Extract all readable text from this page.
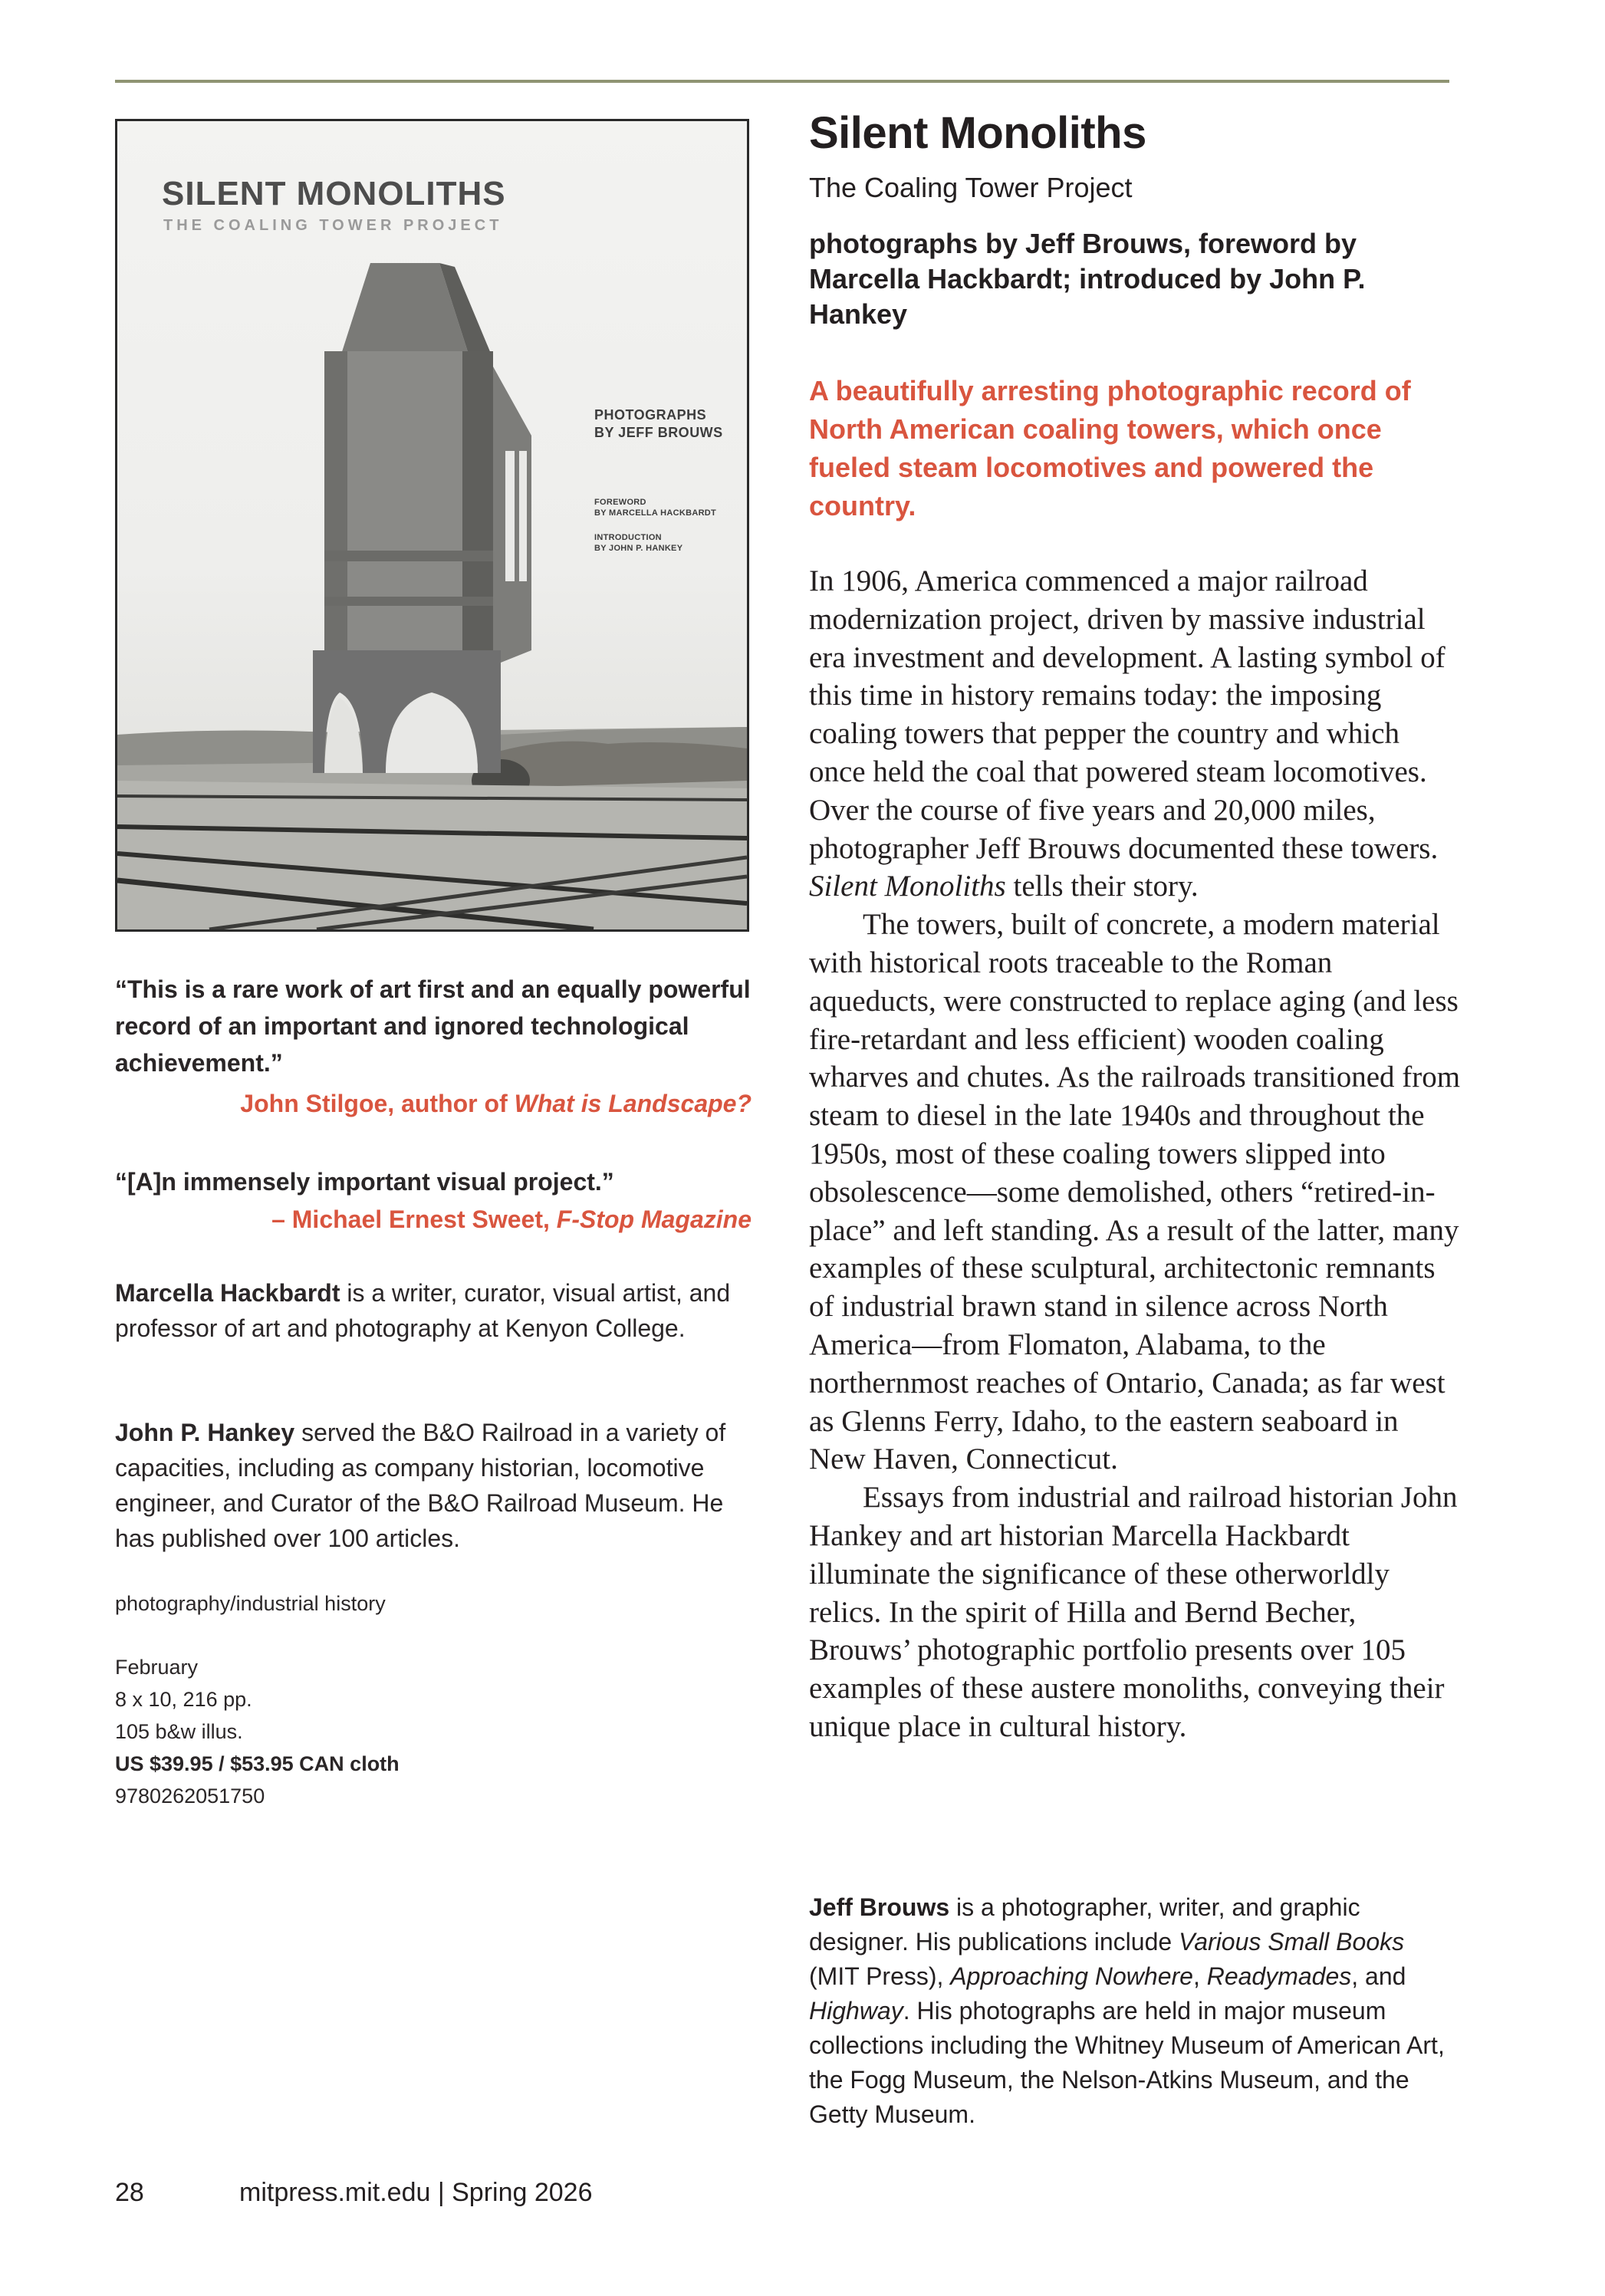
SILENT MONOLITHS

THE COALING TOWER PROJECT

PHOTOGRAPHS
BY JEFF BROUWS

FOREWORD
BY MARCELLA HACKBARDT

INTRODUCTION
BY JOHN P. HANKEY

“This is a rare work of art first and an equally powerful record of an important and ignored technological achievement.”

John Stilgoe, author of What is Landscape?

“[A]n immensely important visual project.”

– Michael Ernest Sweet, F-Stop Magazine

Marcella Hackbardt is a writer, curator, visual artist, and professor of art and photography at Kenyon College.

John P. Hankey served the B&O Railroad in a variety of capacities, including as company historian, locomotive engineer, and Curator of the B&O Railroad Museum. He has published over 100 articles.

photography/industrial history

February
8 x 10, 216 pp.
105 b&w illus.
US $39.95 / $53.95 CAN cloth
9780262051750
Silent Monoliths

The Coaling Tower Project

photographs by Jeff Brouws, foreword by Marcella Hackbardt; introduced by John P. Hankey

A beautifully arresting photographic record of North American coaling towers, which once fueled steam locomotives and powered the country.

In 1906, America commenced a major railroad modernization project, driven by massive industrial era investment and development. A lasting symbol of this time in history remains today: the imposing coaling towers that pepper the country and which once held the coal that powered steam locomotives. Over the course of five years and 20,000 miles, photographer Jeff Brouws documented these towers. Silent Monoliths tells their story.
The towers, built of concrete, a modern material with historical roots traceable to the Roman aqueducts, were constructed to replace aging (and less fire-retardant and less efficient) wooden coaling wharves and chutes. As the railroads transitioned from steam to diesel in the late 1940s and throughout the 1950s, most of these coaling towers slipped into obsolescence—some demolished, others “retired-in-place” and left standing. As a result of the latter, many examples of these sculptural, architectonic remnants of industrial brawn stand in silence across North America—from Flomaton, Alabama, to the northernmost reaches of Ontario, Canada; as far west as Glenns Ferry, Idaho, to the eastern seaboard in New Haven, Connecticut.
Essays from industrial and railroad historian John Hankey and art historian Marcella Hackbardt illuminate the significance of these otherworldly relics. In the spirit of Hilla and Bernd Becher, Brouws’ photographic portfolio presents over 105 examples of these austere monoliths, conveying their unique place in cultural history.

Jeff Brouws is a photographer, writer, and graphic designer. His publications include Various Small Books (MIT Press), Approaching Nowhere, Readymades, and Highway. His photographs are held in major museum collections including the Whitney Museum of American Art, the Fogg Museum, the Nelson-Atkins Museum, and the Getty Museum.

28	mitpress.mit.edu | Spring 2026
